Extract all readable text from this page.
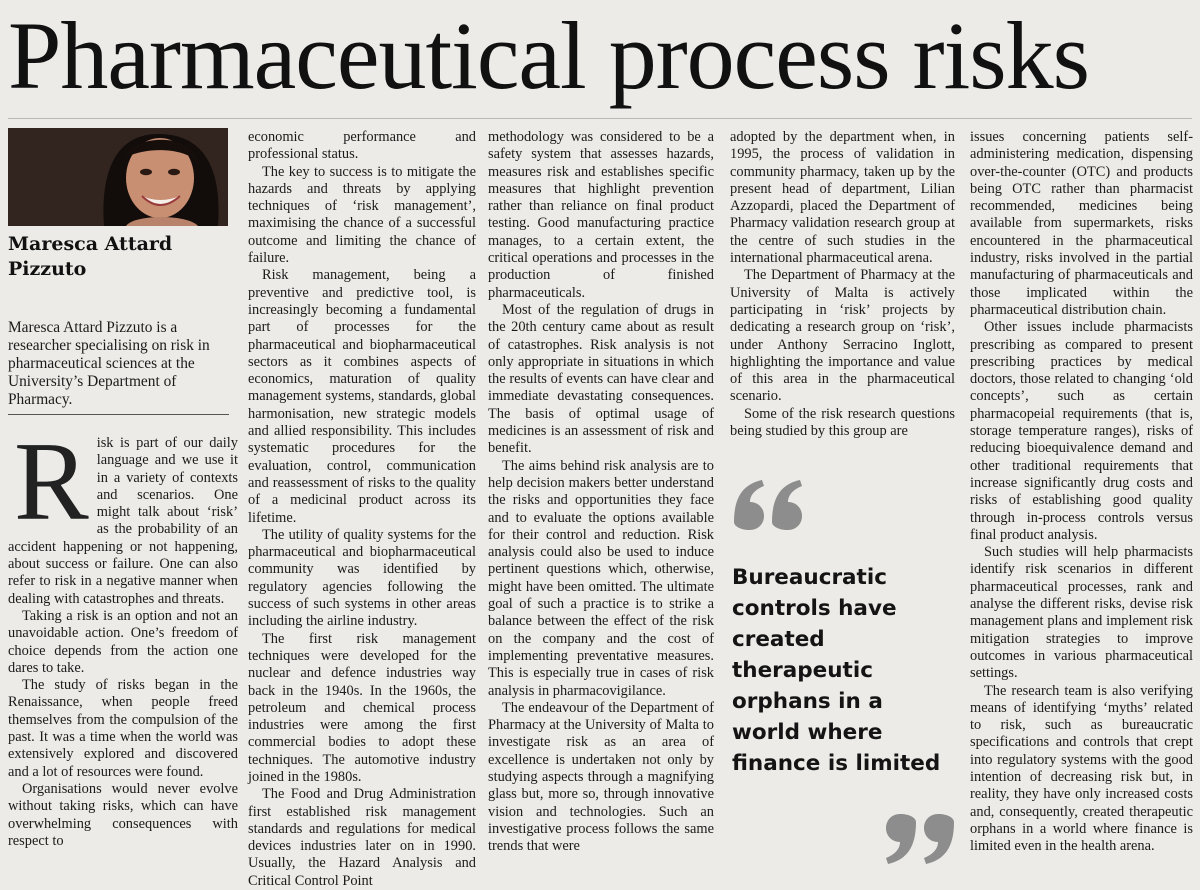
Pharmaceutical process risks
Maresca Attard
Pizzuto
Maresca Attard Pizzuto is a researcher specialising on risk in pharmaceutical sciences at the University’s Department of Pharmacy.

Risk is part of our daily language and we use it in a variety of contexts and scenarios. One might talk about ‘risk’ as the probability of an accident happening or not happening, about success or failure. One can also refer to risk in a negative manner when dealing with catastrophes and threats.

Taking a risk is an option and not an unavoidable action. One’s freedom of choice depends from the action one dares to take.

The study of risks began in the Renaissance, when people freed themselves from the compulsion of the past. It was a time when the world was extensively explored and discovered and a lot of resources were found.

Organisations would never evolve without taking risks, which can have overwhelming consequences with respect to

economic performance and professional status.

The key to success is to mitigate the hazards and threats by applying techniques of ‘risk management’, maximising the chance of a successful outcome and limiting the chance of failure.

Risk management, being a preventive and predictive tool, is increasingly becoming a fundamental part of processes for the pharmaceutical and biopharmaceutical sectors as it combines aspects of economics, maturation of quality management systems, standards, global harmonisation, new strategic models and allied responsibility. This includes systematic procedures for the evaluation, control, communication and reassessment of risks to the quality of a medicinal product across its lifetime.

The utility of quality systems for the pharmaceutical and biopharmaceutical community was identified by regulatory agencies following the success of such systems in other areas including the airline industry.

The first risk management techniques were developed for the nuclear and defence industries way back in the 1940s. In the 1960s, the petroleum and chemical process industries were among the first commercial bodies to adopt these techniques. The automotive industry joined in the 1980s.

The Food and Drug Administration first established risk management standards and regulations for medical devices industries later on in 1990. Usually, the Hazard Analysis and Critical Control Point

methodology was considered to be a safety system that assesses hazards, measures risk and establishes specific measures that highlight prevention rather than reliance on final product testing. Good manufacturing practice manages, to a certain extent, the critical operations and processes in the production of finished pharmaceuticals.

Most of the regulation of drugs in the 20th century came about as result of catastrophes. Risk analysis is not only appropriate in situations in which the results of events can have clear and immediate devastating consequences. The basis of optimal usage of medicines is an assessment of risk and benefit.

The aims behind risk analysis are to help decision makers better understand the risks and opportunities they face and to evaluate the options available for their control and reduction. Risk analysis could also be used to induce pertinent questions which, otherwise, might have been omitted. The ultimate goal of such a practice is to strike a balance between the effect of the risk on the company and the cost of implementing preventative measures. This is especially true in cases of risk analysis in pharmacovigilance.

The endeavour of the Department of Pharmacy at the University of Malta to investigate risk as an area of excellence is undertaken not only by studying aspects through a magnifying glass but, more so, through innovative vision and technologies. Such an investigative process follows the same trends that were

adopted by the department when, in 1995, the process of validation in community pharmacy, taken up by the present head of department, Lilian Azzopardi, placed the Department of Pharmacy validation research group at the centre of such studies in the international pharmaceutical arena.

The Department of Pharmacy at the University of Malta is actively participating in ‘risk’ projects by dedicating a research group on ‘risk’, under Anthony Serracino Inglott, highlighting the importance and value of this area in the pharmaceutical scenario.

Some of the risk research questions being studied by this group are

Bureaucratic controls have created therapeutic orphans in a world where finance is limited

issues concerning patients self-administering medication, dispensing over-the-counter (OTC) and products being OTC rather than pharmacist recommended, medicines being available from supermarkets, risks encountered in the pharmaceutical industry, risks involved in the partial manufacturing of pharmaceuticals and those implicated within the pharmaceutical distribution chain.

Other issues include pharmacists prescribing as compared to present prescribing practices by medical doctors, those related to changing ‘old concepts’, such as certain pharmacopeial requirements (that is, storage temperature ranges), risks of reducing bioequivalence demand and other traditional requirements that increase significantly drug costs and risks of establishing good quality through in-process controls versus final product analysis.

Such studies will help pharmacists identify risk scenarios in different pharmaceutical processes, rank and analyse the different risks, devise risk management plans and implement risk mitigation strategies to improve outcomes in various pharmaceutical settings.

The research team is also verifying means of identifying ‘myths’ related to risk, such as bureaucratic specifications and controls that crept into regulatory systems with the good intention of decreasing risk but, in reality, they have only increased costs and, consequently, created therapeutic orphans in a world where finance is limited even in the health arena.
